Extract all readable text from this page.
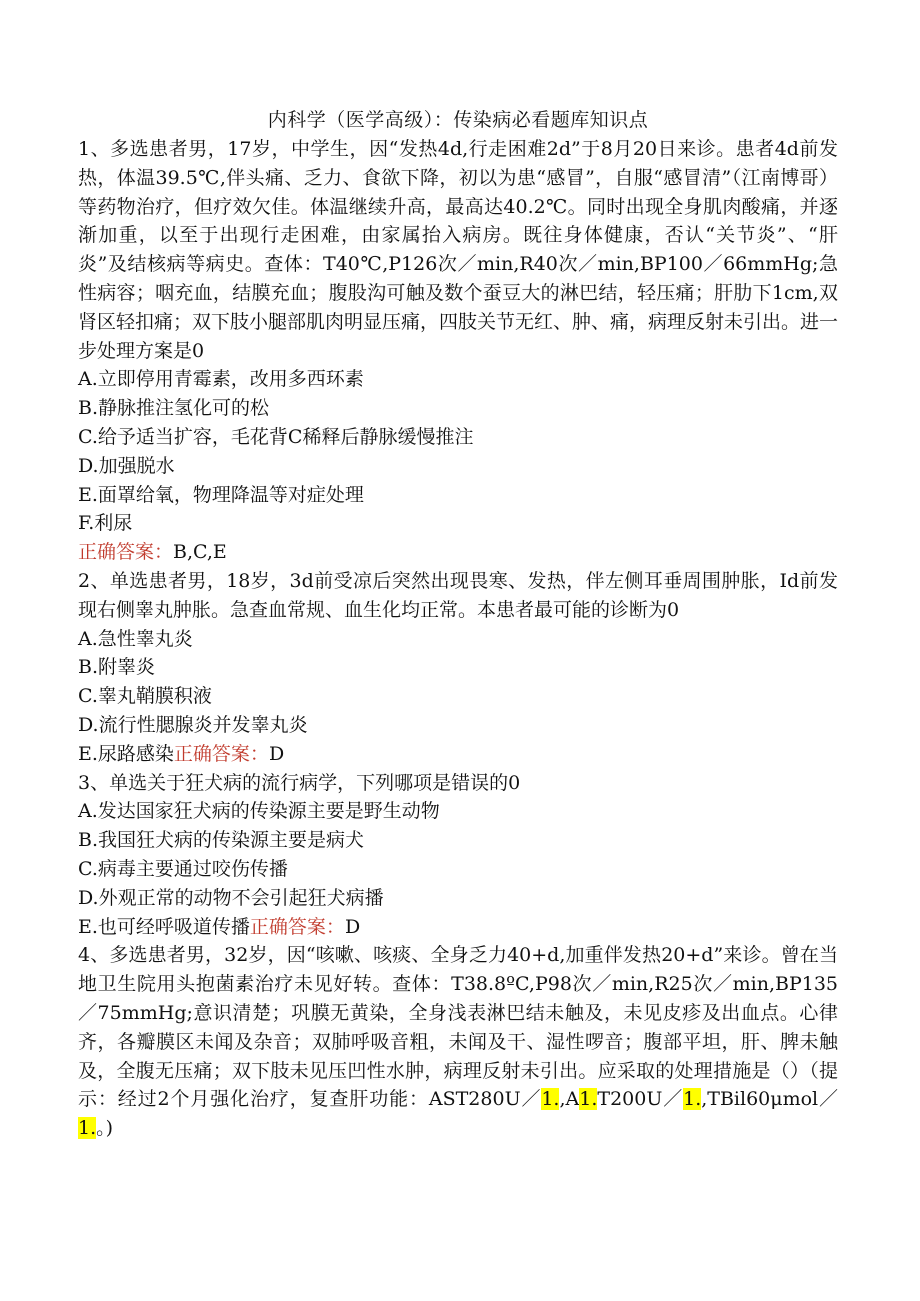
内科学（医学高级）：传染病必看题库知识点

1、多选患者男，17岁，中学生，因“发热4d,行走困难2d”于8月20日来诊。患者4d前发热，体温39.5℃,伴头痛、乏力、食欲下降，初以为患“感冒”，自服“感冒清”（江南博哥）等药物治疗，但疗效欠佳。体温继续升高，最高达40.2℃。同时出现全身肌肉酸痛，并逐渐加重，以至于出现行走困难，由家属抬入病房。既往身体健康，否认“关节炎”、“肝炎”及结核病等病史。查体：T40℃,P126次／min,R40次／min,BP100／66mmHg;急性病容；咽充血，结膜充血；腹股沟可触及数个蚕豆大的淋巴结，轻压痛；肝肋下1cm,双肾区轻扣痛；双下肢小腿部肌肉明显压痛，四肢关节无红、肿、痛，病理反射未引出。进一步处理方案是0

A.立即停用青霉素，改用多西环素

B.静脉推注氢化可的松

C.给予适当扩容，毛花背C稀释后静脉缓慢推注

D.加强脱水

E.面罩给氧，物理降温等对症处理

F.利尿

正确答案：B,C,E

2、单选患者男，18岁，3d前受凉后突然出现畏寒、发热，伴左侧耳垂周围肿胀，Id前发现右侧睾丸肿胀。急查血常规、血生化均正常。本患者最可能的诊断为0

A.急性睾丸炎

B.附睾炎

C.睾丸鞘膜积液

D.流行性腮腺炎并发睾丸炎

E.尿路感染正确答案：D

3、单选关于狂犬病的流行病学，下列哪项是错误的0

A.发达国家狂犬病的传染源主要是野生动物

B.我国狂犬病的传染源主要是病犬

C.病毒主要通过咬伤传播

D.外观正常的动物不会引起狂犬病播

E.也可经呼吸道传播正确答案：D

4、多选患者男，32岁，因“咳嗽、咳痰、全身乏力40+d,加重伴发热20+d”来诊。曾在当地卫生院用头抱菌素治疗未见好转。查体：T38.8ºC,P98次／min,R25次／min,BP135／75mmHg;意识清楚；巩膜无黄染，全身浅表淋巴结未触及，未见皮疹及出血点。心律齐，各瓣膜区未闻及杂音；双肺呼吸音粗，未闻及干、湿性啰音；腹部平坦，肝、脾未触及，全腹无压痛；双下肢未见压凹性水肿，病理反射未引出。应采取的处理措施是（）（提示：经过2个月强化治疗，复查肝功能：AST280U／1.,A1.T200U／1.,TBil60μmol／1.。)
